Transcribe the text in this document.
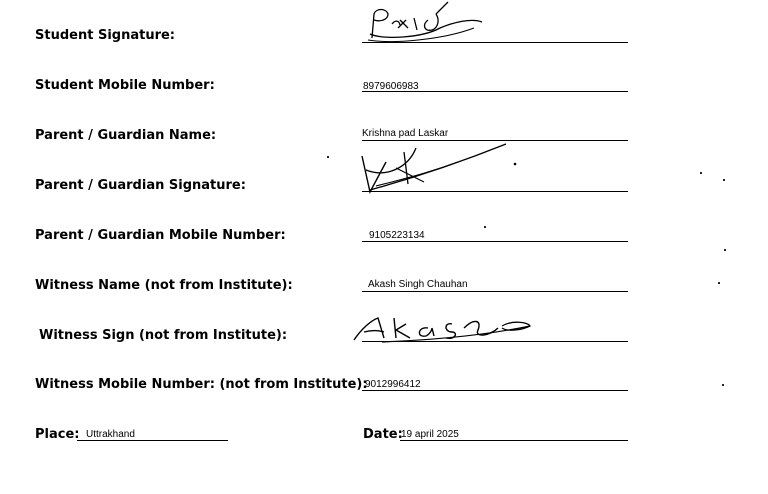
Student Signature:
Student Mobile Number:	8979606983
Parent / Guardian Name:	Krishna pad Laskar
Parent / Guardian Signature:
Parent / Guardian Mobile Number:	9105223134
Witness Name (not from Institute):	Akash Singh Chauhan
Witness Sign (not from Institute):
Witness Mobile Number: (not from Institute):
9012996412
Place: Uttrakhand	Date:
19 april 2025
